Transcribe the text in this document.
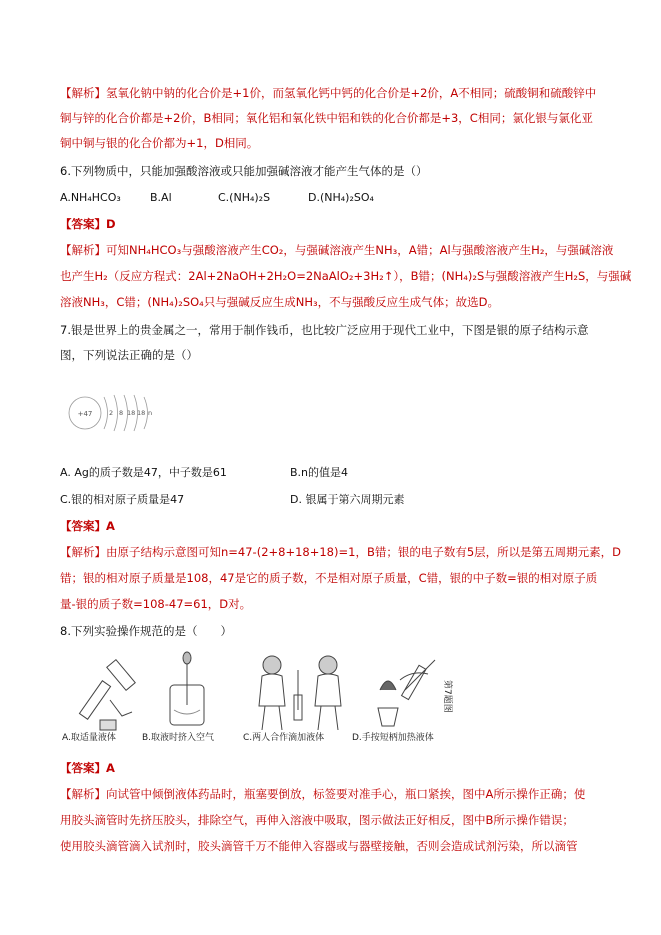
【解析】氢氧化钠中钠的化合价是+1价，而氢氧化钙中钙的化合价是+2价，A不相同；硫酸铜和硫酸锌中
铜与锌的化合价都是+2价，B相同；氧化铝和氧化铁中铝和铁的化合价都是+3，C相同；氯化银与氯化亚
铜中铜与银的化合价都为+1，D相同。
6.下列物质中，只能加强酸溶液或只能加强碱溶液才能产生气体的是（）
A.NH₄HCO₃	B.Al	C.(NH₄)₂S	D.(NH₄)₂SO₄
【答案】D
【解析】可知NH₄HCO₃与强酸溶液产生CO₂，与强碱溶液产生NH₃，A错；Al与强酸溶液产生H₂，与强碱溶液
也产生H₂（反应方程式：2Al+2NaOH+2H₂O=2NaAlO₂+3H₂↑），B错；(NH₄)₂S与强酸溶液产生H₂S，与强碱
溶液NH₃，C错；(NH₄)₂SO₄只与强碱反应生成NH₃，不与强酸反应生成气体；故选D。
7.银是世界上的贵金属之一，常用于制作钱币，也比较广泛应用于现代工业中，下图是银的原子结构示意
图，下列说法正确的是（）
+47	2 8 18 18 n
A. Ag的质子数是47，中子数是61	B.n的值是4
C.银的相对原子质量是47	D. 银属于第六周期元素
【答案】A
【解析】由原子结构示意图可知n=47-(2+8+18+18)=1，B错；银的电子数有5层，所以是第五周期元素，D
错；银的相对原子质量是108，47是它的质子数，不是相对原子质量，C错，银的中子数=银的相对原子质
量-银的质子数=108-47=61，D对。
8.下列实验操作规范的是（　　）
A.取适量液体	B.取液时挤入空气	C.两人合作滴加液体	D.手按短柄加热液体
第7题图
【答案】A
【解析】向试管中倾倒液体药品时，瓶塞要倒放，标签要对准手心，瓶口紧挨，图中A所示操作正确；使
用胶头滴管时先挤压胶头，排除空气，再伸入溶液中吸取，图示做法正好相反，图中B所示操作错误；
使用胶头滴管滴入试剂时，胶头滴管千万不能伸入容器或与器壁接触，否则会造成试剂污染，所以滴管
